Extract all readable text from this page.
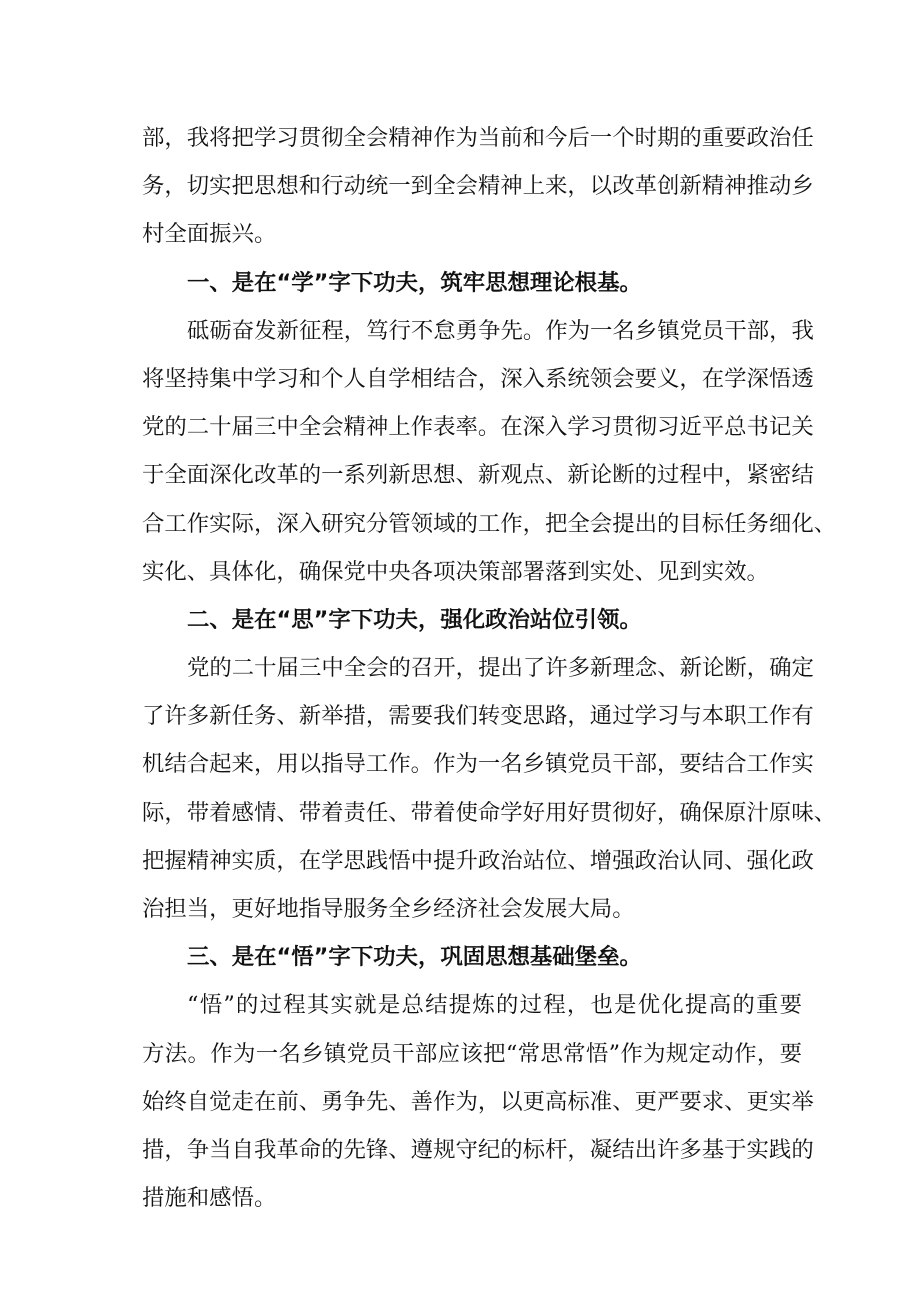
部，我将把学习贯彻全会精神作为当前和今后一个时期的重要政治任
务，切实把思想和行动统一到全会精神上来，以改革创新精神推动乡
村全面振兴。
一、是在“学”字下功夫，筑牢思想理论根基。
砥砺奋发新征程，笃行不怠勇争先。作为一名乡镇党员干部，我
将坚持集中学习和个人自学相结合，深入系统领会要义，在学深悟透
党的二十届三中全会精神上作表率。在深入学习贯彻习近平总书记关
于全面深化改革的一系列新思想、新观点、新论断的过程中，紧密结
合工作实际，深入研究分管领域的工作，把全会提出的目标任务细化、
实化、具体化，确保党中央各项决策部署落到实处、见到实效。
二、是在“思”字下功夫，强化政治站位引领。
党的二十届三中全会的召开，提出了许多新理念、新论断，确定
了许多新任务、新举措，需要我们转变思路，通过学习与本职工作有
机结合起来，用以指导工作。作为一名乡镇党员干部，要结合工作实
际，带着感情、带着责任、带着使命学好用好贯彻好，确保原汁原味、
把握精神实质，在学思践悟中提升政治站位、增强政治认同、强化政
治担当，更好地指导服务全乡经济社会发展大局。
三、是在“悟”字下功夫，巩固思想基础堡垒。
“悟”的过程其实就是总结提炼的过程，也是优化提高的重要
方法。作为一名乡镇党员干部应该把“常思常悟”作为规定动作，要
始终自觉走在前、勇争先、善作为，以更高标准、更严要求、更实举
措，争当自我革命的先锋、遵规守纪的标杆，凝结出许多基于实践的
措施和感悟。
